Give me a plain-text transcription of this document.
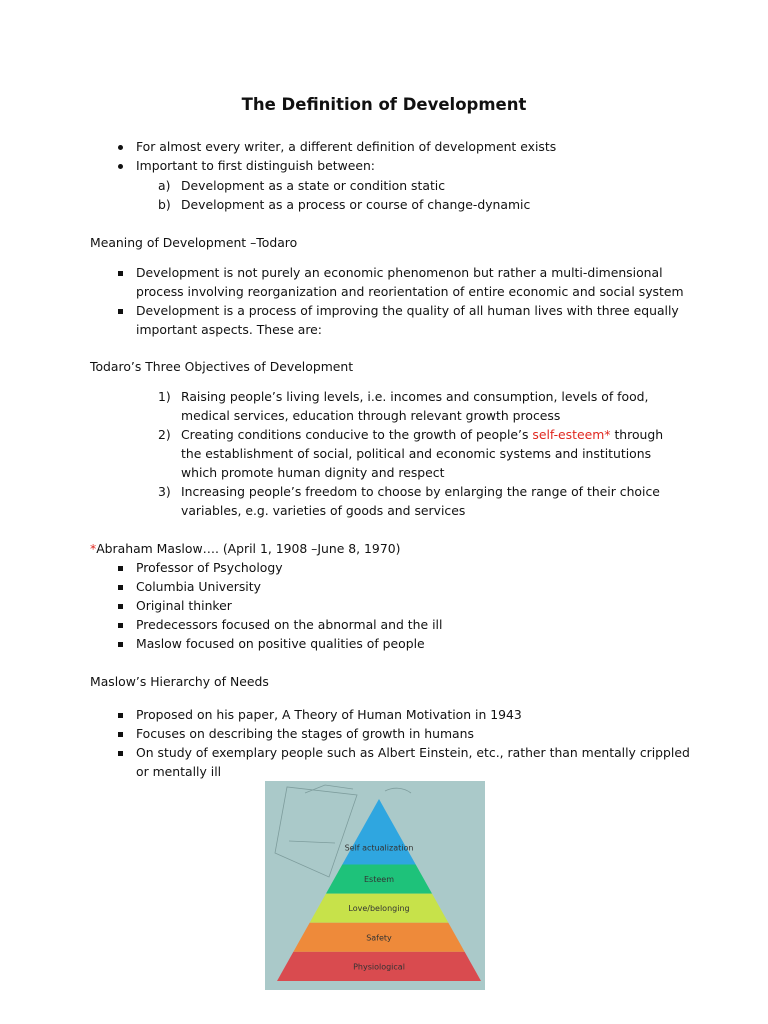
The Definition of Development
For almost every writer, a different definition of development exists
Important to first distinguish between:
a) Development as a state or condition static
b) Development as a process or course of change-dynamic
Meaning of Development –Todaro
Development is not purely an economic phenomenon but rather a multi-dimensional
process involving reorganization and reorientation of entire economic and social system
Development is a process of improving the quality of all human lives with three equally
important aspects. These are:
Todaro’s Three Objectives of Development
1) Raising people’s living levels, i.e. incomes and consumption, levels of food,
medical services, education through relevant growth process
2) Creating conditions conducive to the growth of people’s self-esteem* through
the establishment of social, political and economic systems and institutions
which promote human dignity and respect
3) Increasing people’s freedom to choose by enlarging the range of their choice
variables, e.g. varieties of goods and services
*Abraham Maslow…. (April 1, 1908 –June 8, 1970)
Professor of Psychology
Columbia University
Original thinker
Predecessors focused on the abnormal and the ill
Maslow focused on positive qualities of people
Maslow’s Hierarchy of Needs
Proposed on his paper, A Theory of Human Motivation in 1943
Focuses on describing the stages of growth in humans
On study of exemplary people such as Albert Einstein, etc., rather than mentally crippled
or mentally ill
Self actualization
Esteem
Love/belonging
Safety
Physiological
